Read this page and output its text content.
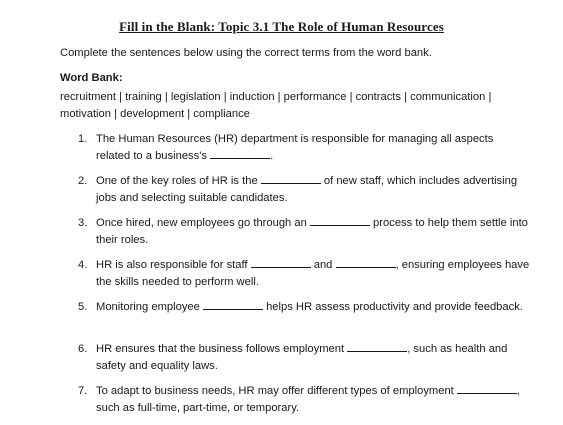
Fill in the Blank: Topic 3.1 The Role of Human Resources
Complete the sentences below using the correct terms from the word bank.
Word Bank:
recruitment | training | legislation | induction | performance | contracts | communication | motivation | development | compliance
1. The Human Resources (HR) department is responsible for managing all aspects related to a business's	.
2. One of the key roles of HR is the	of new staff, which includes advertising jobs and selecting suitable candidates.
3. Once hired, new employees go through an	process to help them settle into their roles.
4. HR is also responsible for staff	and	, ensuring employees have the skills needed to perform well.
5. Monitoring employee	helps HR assess productivity and provide feedback.
6. HR ensures that the business follows employment	, such as health and safety and equality laws.
7. To adapt to business needs, HR may offer different types of employment	, such as full-time, part-time, or temporary.
